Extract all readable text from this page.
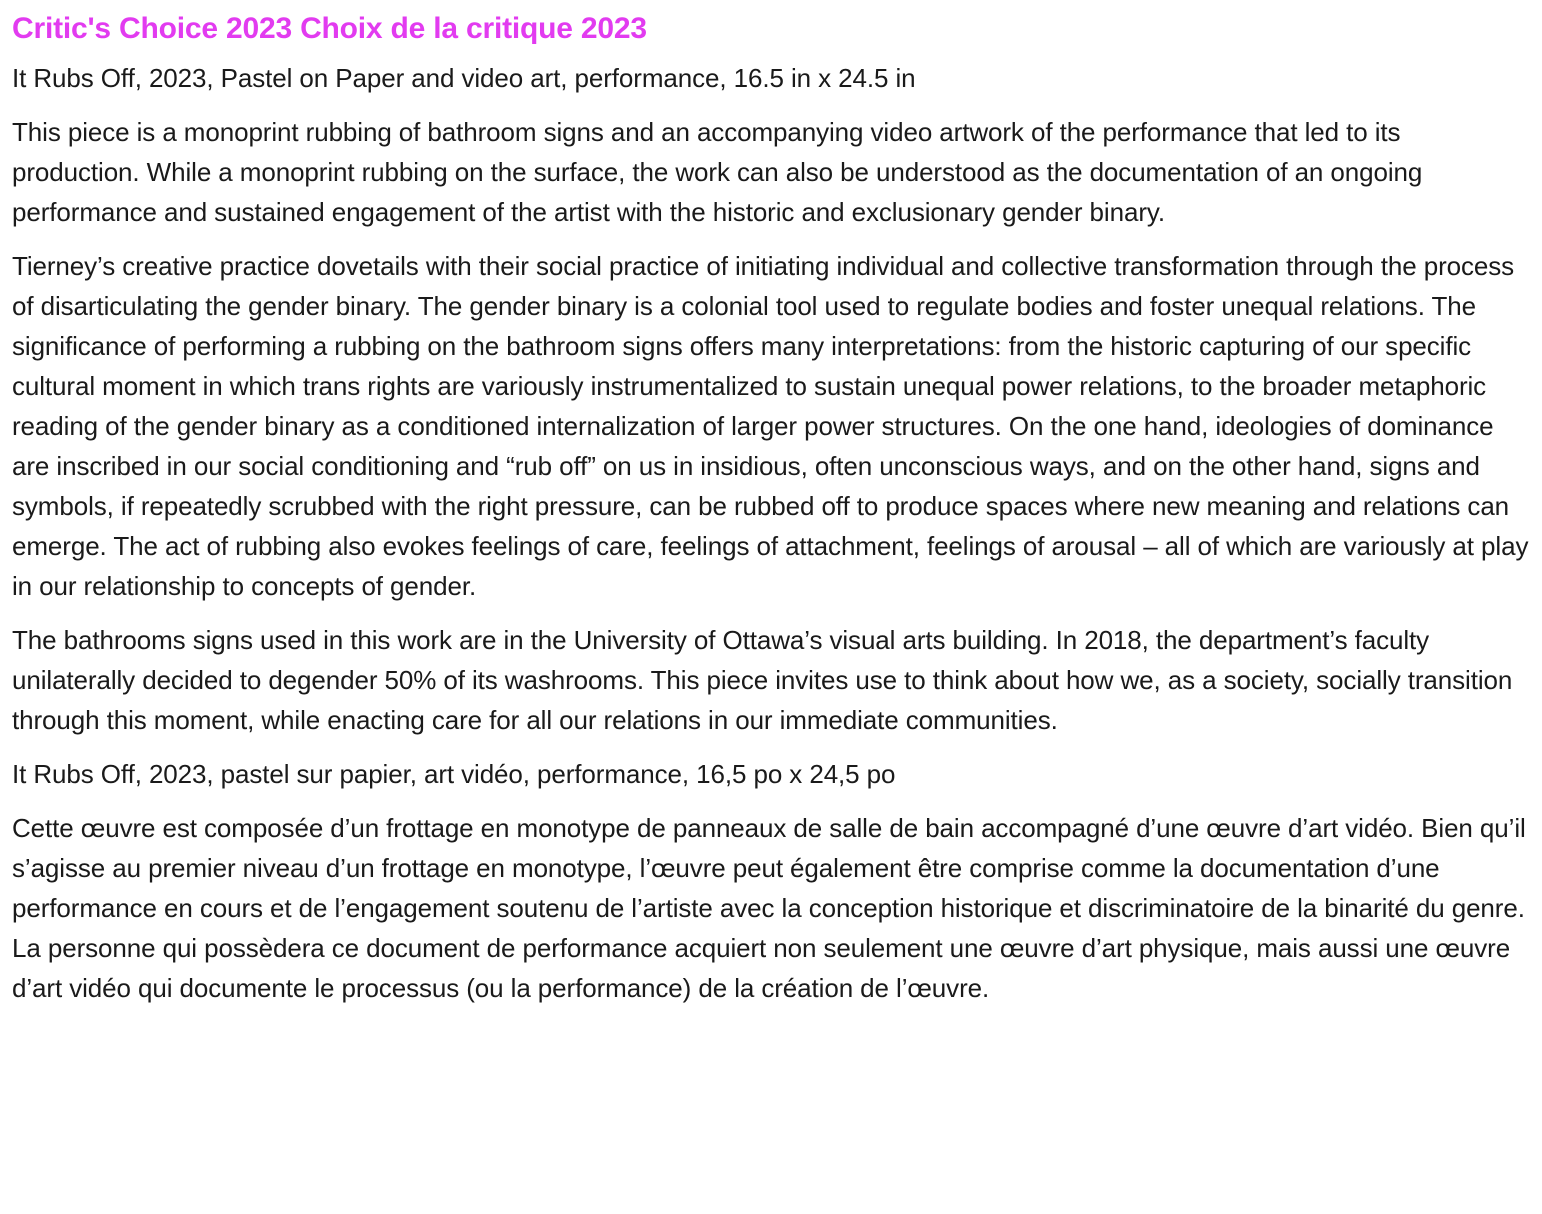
Critic's Choice 2023 Choix de la critique 2023

It Rubs Off, 2023, Pastel on Paper and video art, performance, 16.5 in x 24.5 in

This piece is a monoprint rubbing of bathroom signs and an accompanying video artwork of the performance that led to its production. While a monoprint rubbing on the surface, the work can also be understood as the documentation of an ongoing performance and sustained engagement of the artist with the historic and exclusionary gender binary.

Tierney’s creative practice dovetails with their social practice of initiating individual and collective transformation through the process of disarticulating the gender binary. The gender binary is a colonial tool used to regulate bodies and foster unequal relations. The significance of performing a rubbing on the bathroom signs offers many interpretations: from the historic capturing of our specific cultural moment in which trans rights are variously instrumentalized to sustain unequal power relations, to the broader metaphoric reading of the gender binary as a conditioned internalization of larger power structures. On the one hand, ideologies of dominance are inscribed in our social conditioning and “rub off” on us in insidious, often unconscious ways, and on the other hand, signs and symbols, if repeatedly scrubbed with the right pressure, can be rubbed off to produce spaces where new meaning and relations can emerge. The act of rubbing also evokes feelings of care, feelings of attachment, feelings of arousal – all of which are variously at play in our relationship to concepts of gender.

The bathrooms signs used in this work are in the University of Ottawa’s visual arts building. In 2018, the department’s faculty unilaterally decided to degender 50% of its washrooms. This piece invites use to think about how we, as a society, socially transition through this moment, while enacting care for all our relations in our immediate communities.

It Rubs Off, 2023, pastel sur papier, art vidéo, performance, 16,5 po x 24,5 po

Cette œuvre est composée d’un frottage en monotype de panneaux de salle de bain accompagné d’une œuvre d’art vidéo. Bien qu’il s’agisse au premier niveau d’un frottage en monotype, l’œuvre peut également être comprise comme la documentation d’une performance en cours et de l’engagement soutenu de l’artiste avec la conception historique et discriminatoire de la binarité du genre. La personne qui possèdera ce document de performance acquiert non seulement une œuvre d’art physique, mais aussi une œuvre d’art vidéo qui documente le processus (ou la performance) de la création de l’œuvre.
